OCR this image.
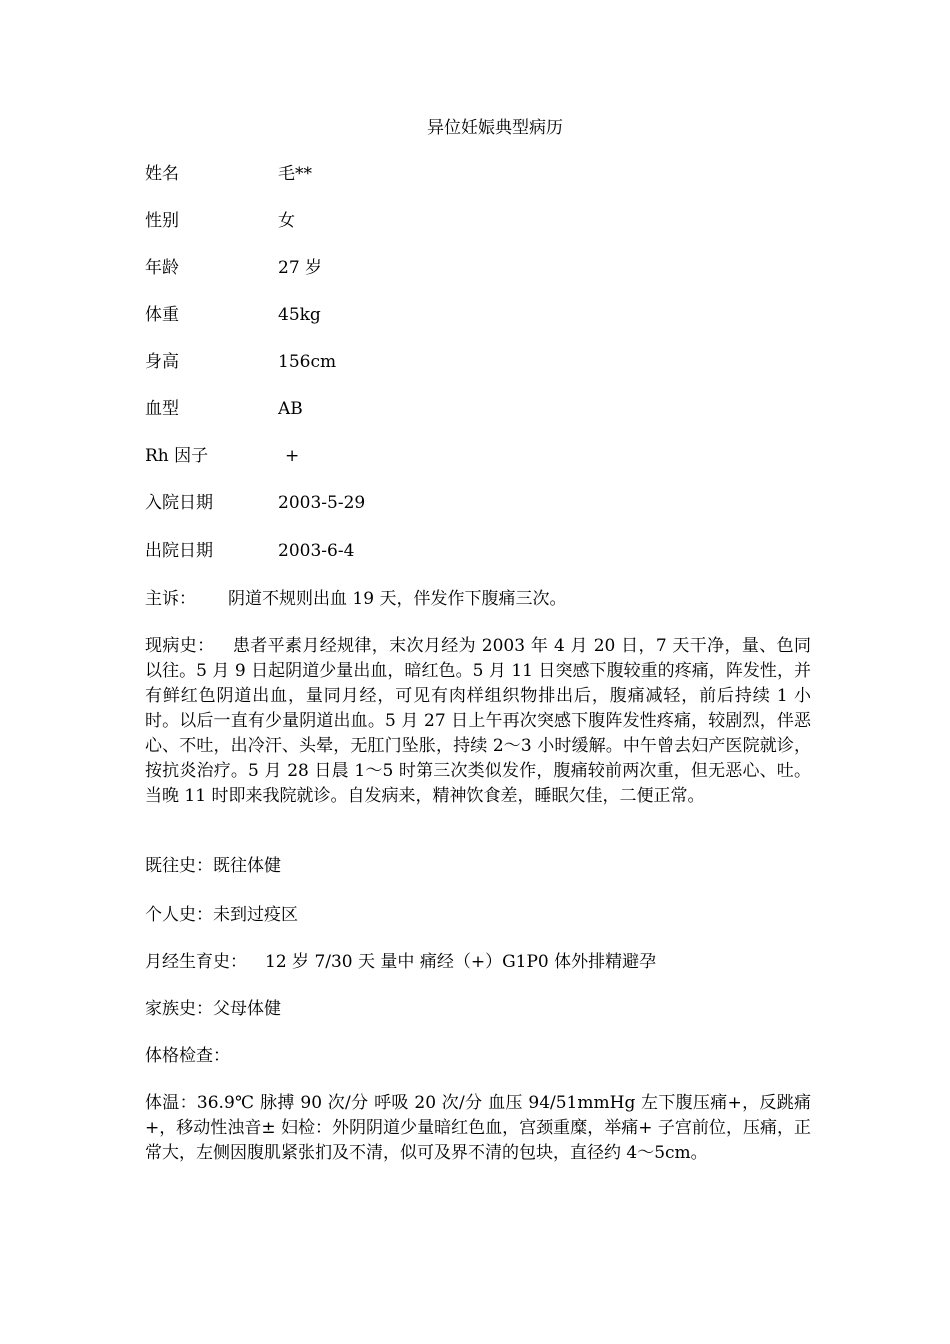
异位妊娠典型病历
姓名	毛**
性别	女
年龄	27 岁
体重	45kg
身高	156cm
血型	AB
Rh 因子	+
入院日期	2003-5-29
出院日期	2003-6-4
主诉： 阴道不规则出血 19 天，伴发作下腹痛三次。
现病史： 患者平素月经规律，末次月经为 2003 年 4 月 20 日，7 天干净，量、色同以往。5 月 9 日起阴道少量出血，暗红色。5 月 11 日突感下腹较重的疼痛，阵发性，并有鲜红色阴道出血，量同月经，可见有肉样组织物排出后，腹痛减轻，前后持续 1 小时。以后一直有少量阴道出血。5 月 27 日上午再次突感下腹阵发性疼痛，较剧烈，伴恶心、不吐，出冷汗、头晕，无肛门坠胀，持续 2～3 小时缓解。中午曾去妇产医院就诊，按抗炎治疗。5 月 28 日晨 1～5 时第三次类似发作，腹痛较前两次重，但无恶心、吐。当晚 11 时即来我院就诊。自发病来，精神饮食差，睡眠欠佳，二便正常。
既往史：既往体健
个人史：未到过疫区
月经生育史： 12 岁 7/30 天 量中 痛经（+）G1P0 体外排精避孕
家族史：父母体健
体格检查：
体温：36.9℃ 脉搏 90 次/分 呼吸 20 次/分 血压 94/51mmHg 左下腹压痛+，反跳痛+，移动性浊音± 妇检：外阴阴道少量暗红色血，宫颈重糜，举痛+ 子宫前位，压痛，正常大，左侧因腹肌紧张扪及不清，似可及界不清的包块，直径约 4～5cm。
